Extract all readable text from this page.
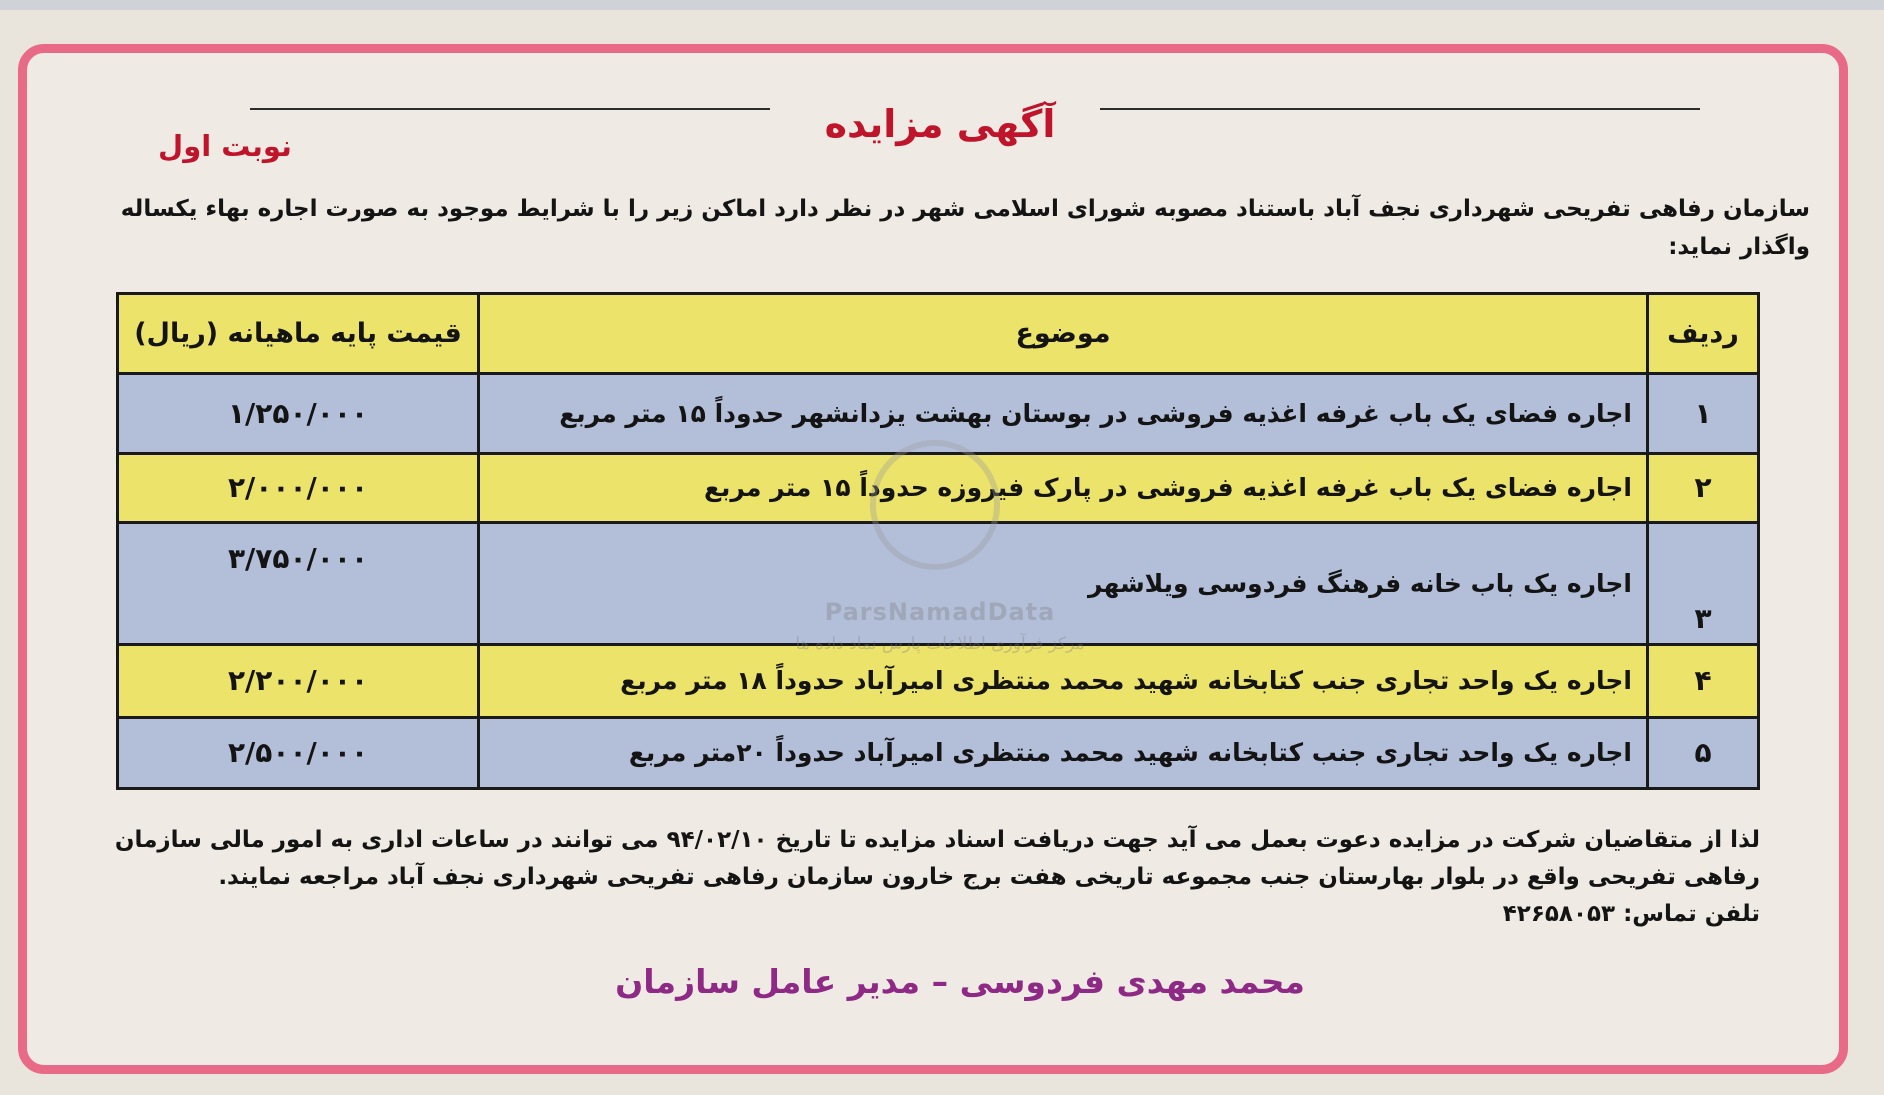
آگهی مزایده
نوبت اول
سازمان رفاهی تفریحی شهرداری نجف آباد باستناد مصوبه شورای اسلامی شهر در نظر دارد اماکن زیر را با شرایط موجود به صورت اجاره بهاء یکساله واگذار نماید:
ردیف	موضوع	قیمت پایه ماهیانه (ریال)
۱	اجاره فضای یک باب غرفه اغذیه فروشی در بوستان بهشت یزدانشهر حدوداً ۱۵ متر مربع	۱/۲۵۰/۰۰۰
۲	اجاره فضای یک باب غرفه اغذیه فروشی در پارک فیروزه حدوداً ۱۵ متر مربع	۲/۰۰۰/۰۰۰
۳	اجاره یک باب خانه فرهنگ فردوسی ویلاشهر	۳/۷۵۰/۰۰۰
۴	اجاره یک واحد تجاری جنب کتابخانه شهید محمد منتظری امیرآباد حدوداً ۱۸ متر مربع	۲/۲۰۰/۰۰۰
۵	اجاره یک واحد تجاری جنب کتابخانه شهید محمد منتظری امیرآباد حدوداً ۲۰متر مربع	۲/۵۰۰/۰۰۰
ParsNamadData
مرکز فرآوری اطلاعات پارس نماد داده ها
لذا از متقاضیان شرکت در مزایده دعوت بعمل می آید جهت دریافت اسناد مزایده تا تاریخ ۹۴/۰۲/۱۰ می توانند در ساعات اداری به امور مالی سازمان رفاهی تفریحی واقع در بلوار بهارستان جنب مجموعه تاریخی هفت برج خارون سازمان رفاهی تفریحی شهرداری نجف آباد مراجعه نمایند.
تلفن تماس: ۴۲۶۵۸۰۵۳
محمد مهدی فردوسی – مدیر عامل سازمان
